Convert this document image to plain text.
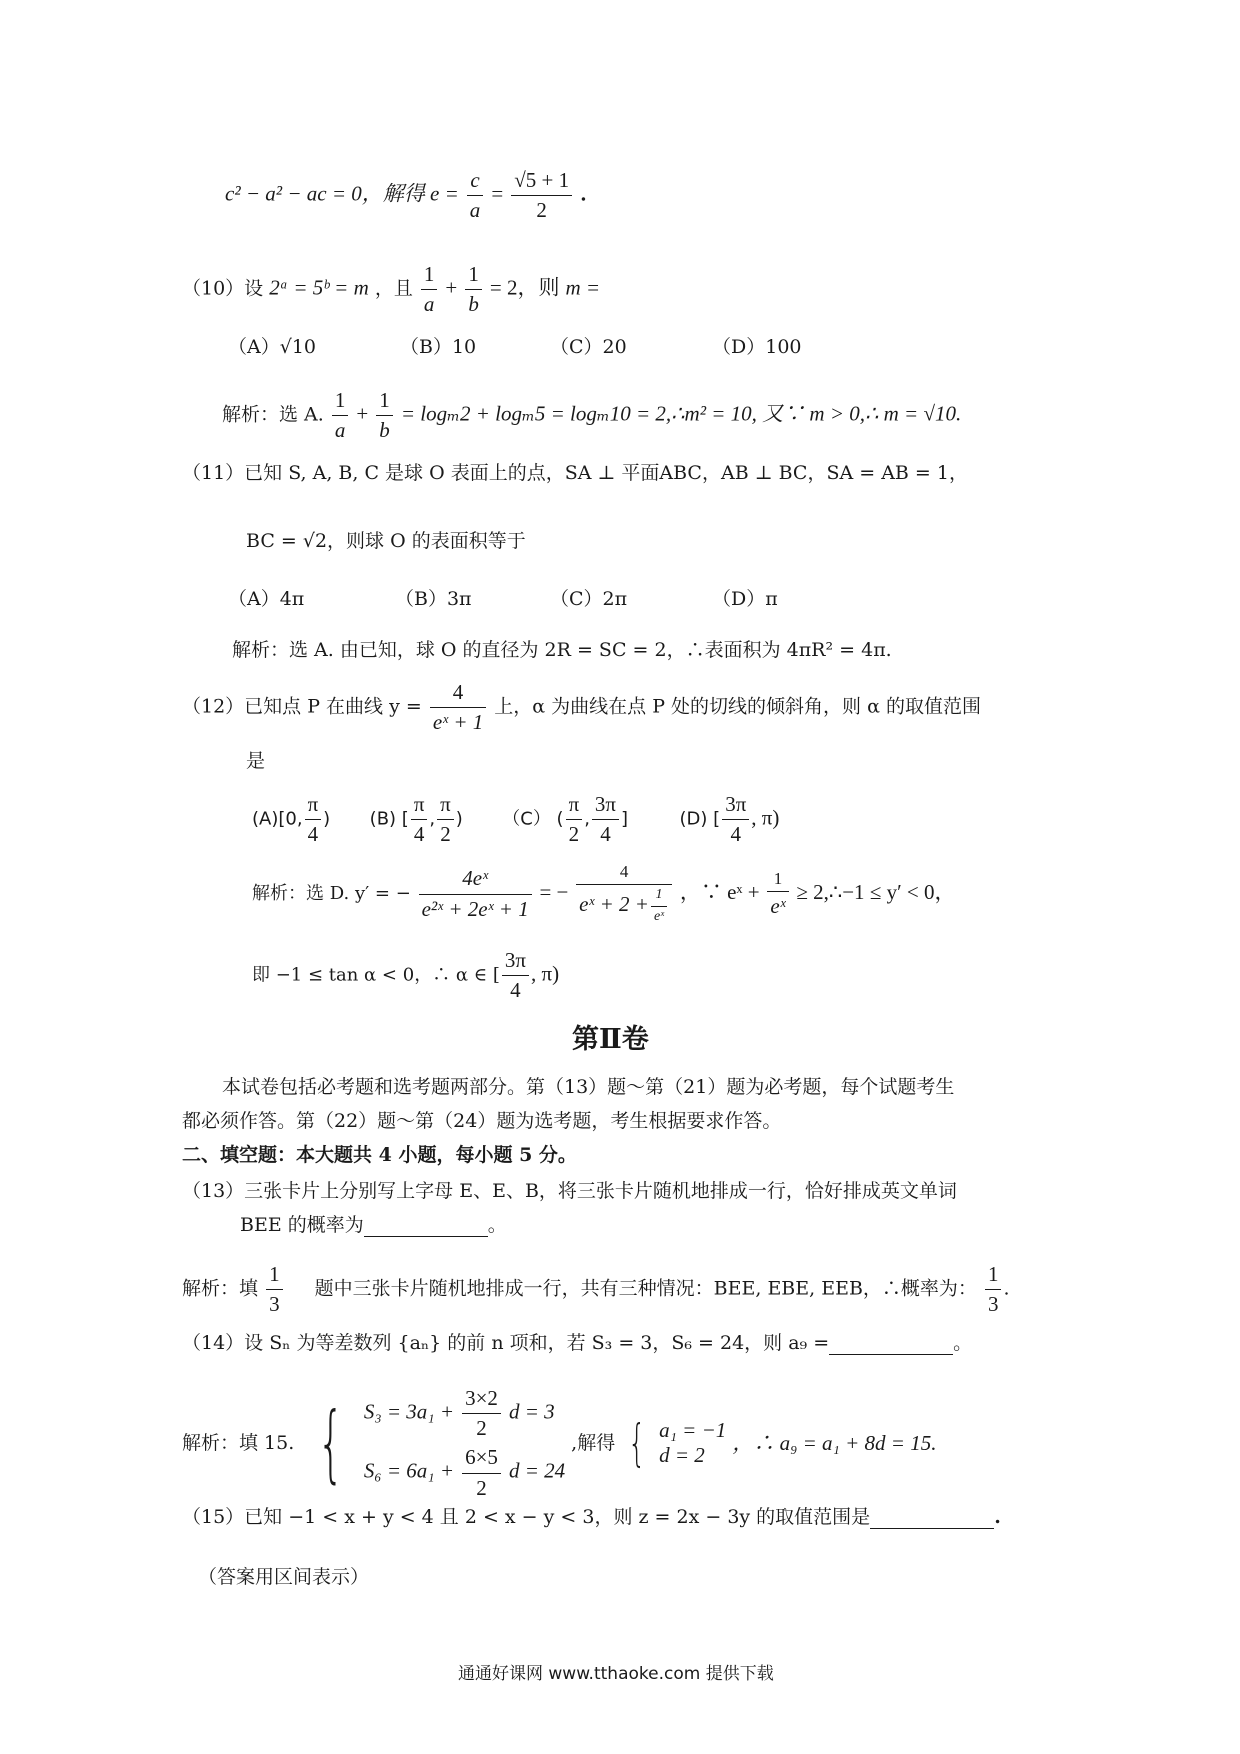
c² − a² − ac = 0，解得 $e = \frac{c}{a} = \frac{√5 + 1}{2}$ .
（10）设 2ᵃ = 5ᵇ = m ，且 $\frac{1}{a} + \frac{1}{b} = 2$，则 m =
（A）√10	（B）10	（C）20	（D）100
解析：选 A. $\frac{1}{a} + \frac{1}{b} = \log_m2 + \log_m5 = \log_m10$ = 2,∴m² = 10, 又∵ m > 0,∴ m = √10.
（11）已知 S, A, B, C 是球 O 表面上的点，SA ⊥ 平面ABC，AB ⊥ BC，SA = AB = 1，
BC = √2，则球 O 的表面积等于
（A）4π	（B）3π	（C）2π	（D）π
解析：选 A. 由已知，球 O 的直径为 2R = SC = 2，∴表面积为 4πR² = 4π.
（12）已知点 P 在曲线 $y = \frac{4}{\text{eˣ + 1}}$ 上，α 为曲线在点 P 处的切线的倾斜角，则 α 的取值范围
是
(A)[0, $\frac{\pi}{4}$ ) (B) [ $\frac{\pi}{4}$ , $\frac{\pi}{2}$ ) （C） ( $\frac{\pi}{2}$ , $\frac{3\pi}{4}$ ]	(D) [ $\frac{3\pi}{4}$ , π)
解析：选 D. y′ = − $\frac{\text{4eˣ}}{\text{e²ˣ + 2eˣ + 1}}$ = − $\frac{4}{eˣ + 2 + \frac{1}{\text{eˣ}}}$ ，∵ eˣ + $\frac{1}{\text{eˣ}}$ ≥ 2,∴−1 ≤ y′ < 0，
即 −1 ≤ tan α < 0，∴ α ∈ [ $\frac{3\pi}{4}$ , π)
第Ⅱ卷
本试卷包括必考题和选考题两部分。第（13）题～第（21）题为必考题，每个试题考生
都必须作答。第（22）题～第（24）题为选考题，考生根据要求作答。
二、填空题：本大题共 4 小题，每小题 5 分。
（13）三张卡片上分别写上字母 E、E、B，将三张卡片随机地排成一行，恰好排成英文单词
BEE 的概率为	。
解析：填 $\frac{1}{3}$ 题中三张卡片随机地排成一行，共有三种情况：BEE, EBE, EEB，∴概率为： $\frac{1}{3}$ .
（14）设 Sₙ 为等差数列 {aₙ} 的前 n 项和，若 S₃ = 3，S₆ = 24，则 a₉ =	。
解析：填 15. { $S_3 = 3a_1 + \frac{3\times 2}{2}$ d = 3
$S_6 = 6a_1 + \frac{6\times 5}{2}$ d = 24
,解得 { a₁ = −1
d = 2
，∴ a₉ = a₁ + 8d = 15.
（15）已知 −1 < x + y < 4 且 2 < x − y < 3，则 z = 2x − 3y 的取值范围是	.
（答案用区间表示）
通通好课网 www.tthaoke.com 提供下载
